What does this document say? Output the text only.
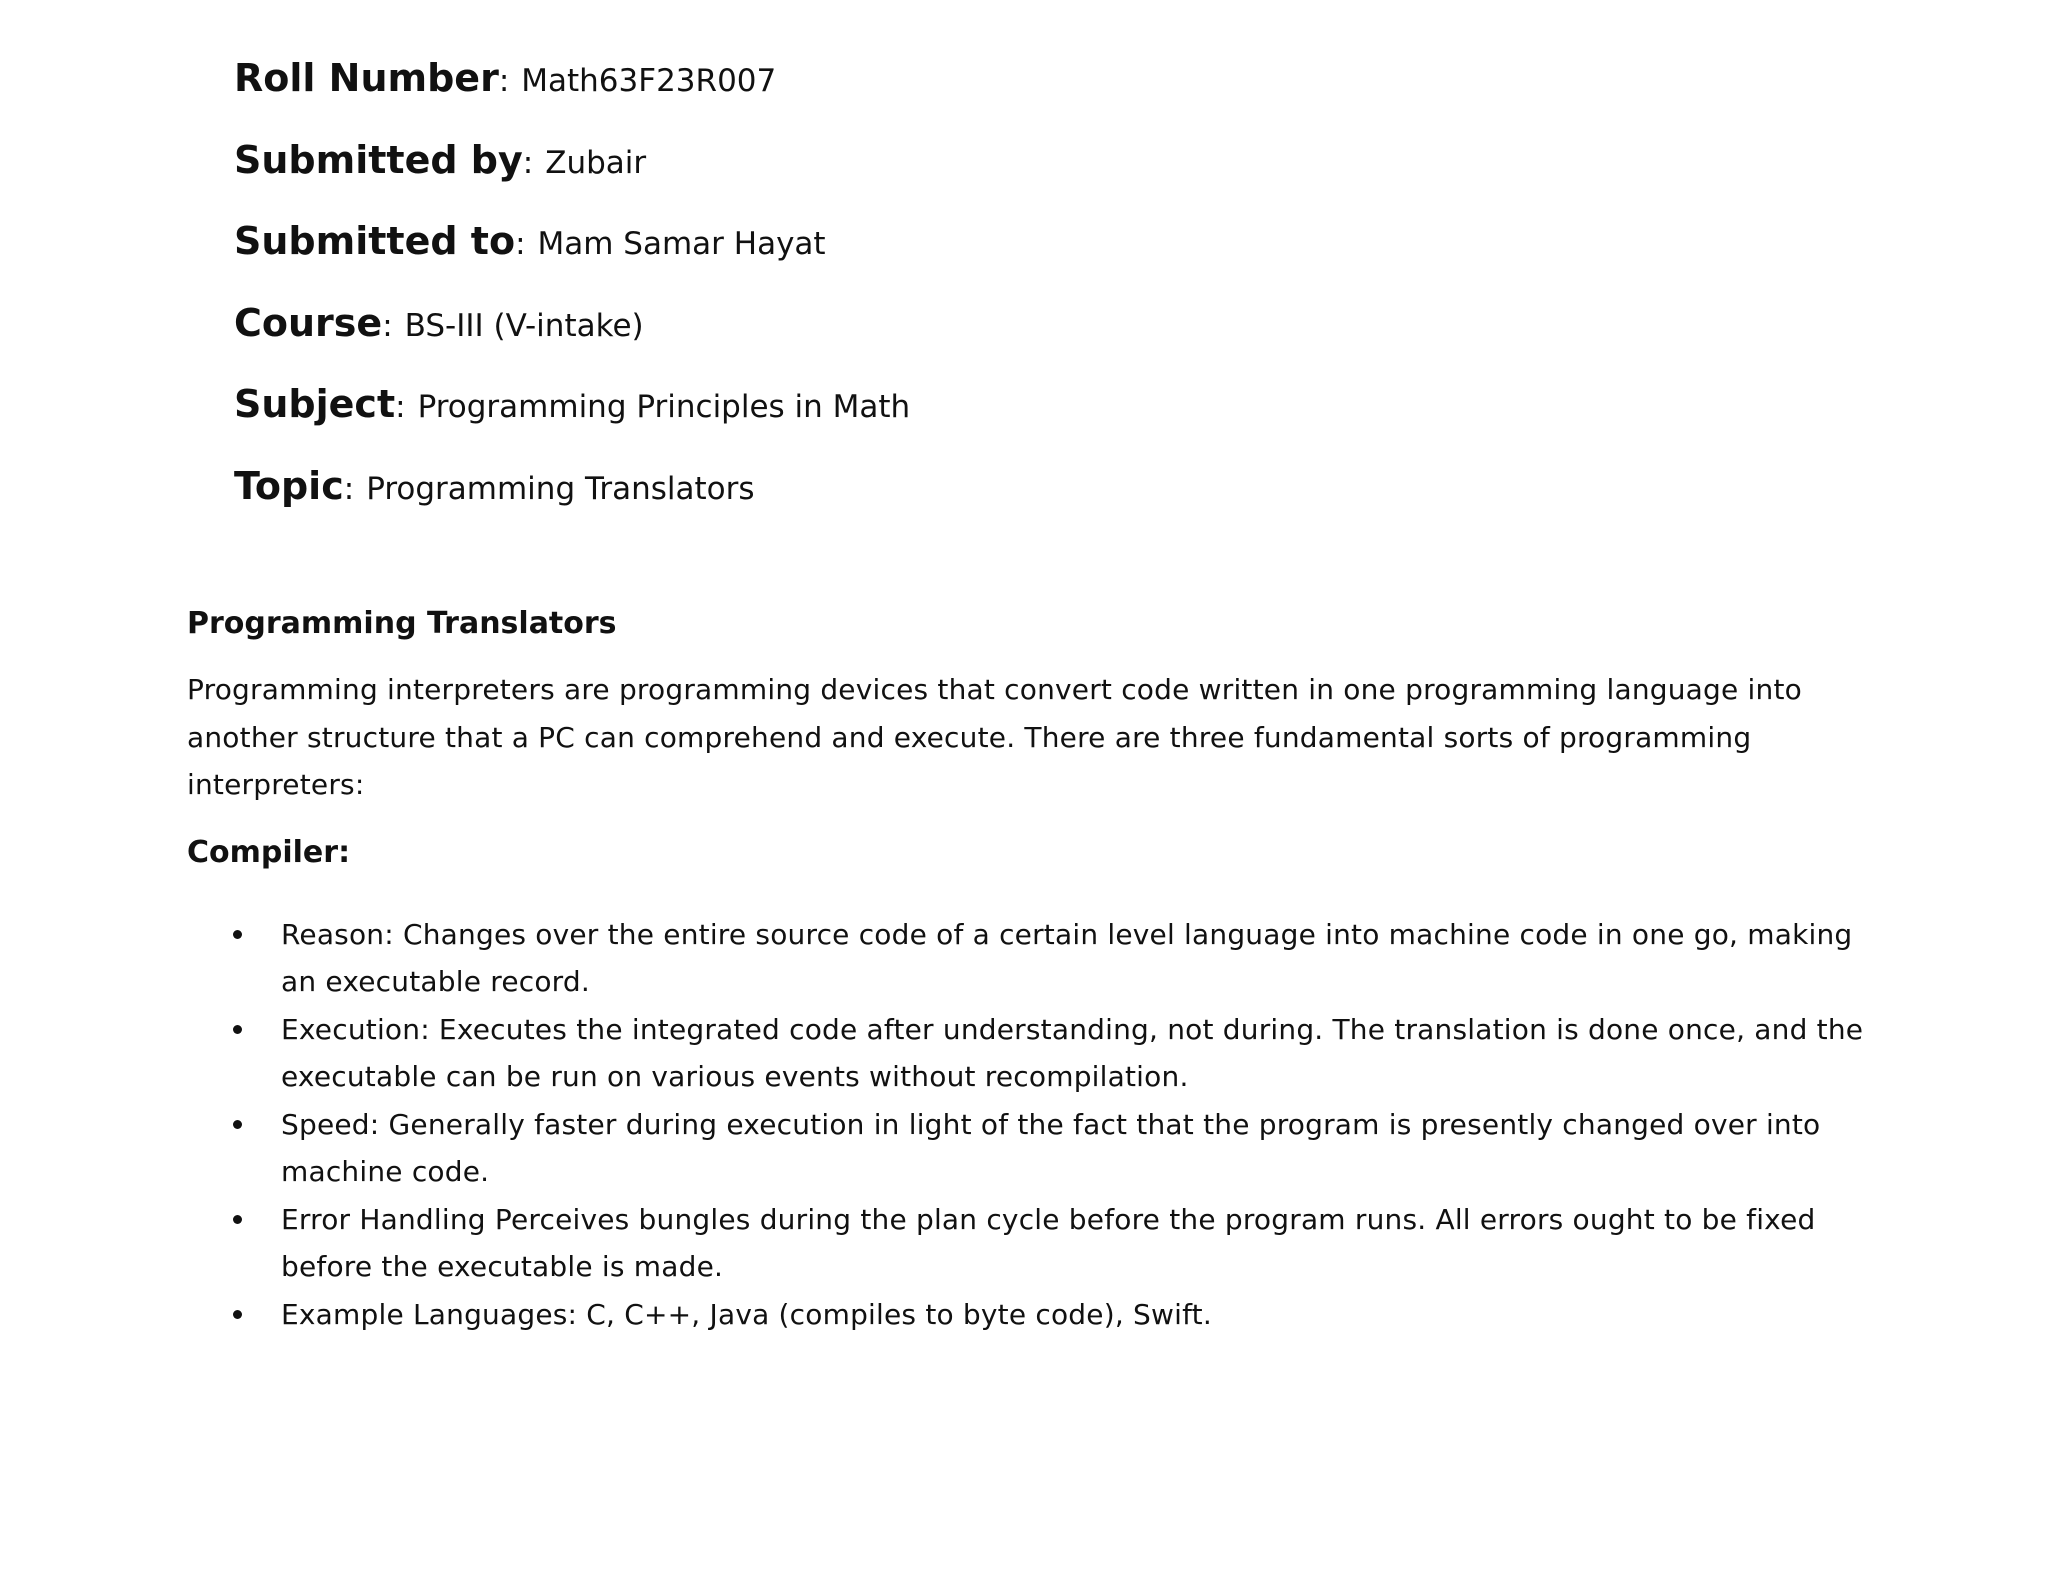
Roll Number : Math63F23R007
Submitted by : Zubair
Submitted to : Mam Samar Hayat
Course : BS-III (V-intake)
Subject : Programming Principles in Math
Topic : Programming Translators
Programming Translators

Programming interpreters are programming devices that convert code written in one programming language into another structure that a PC can comprehend and execute. There are three fundamental sorts of programming interpreters:

Compiler:
Reason: Changes over the entire source code of a certain level language into machine code in one go, making an executable record.
Execution: Executes the integrated code after understanding, not during. The translation is done once, and the executable can be run on various events without recompilation.
Speed: Generally faster during execution in light of the fact that the program is presently changed over into machine code.
Error Handling Perceives bungles during the plan cycle before the program runs. All errors ought to be fixed before the executable is made.
Example Languages: C, C++, Java (compiles to byte code), Swift.
